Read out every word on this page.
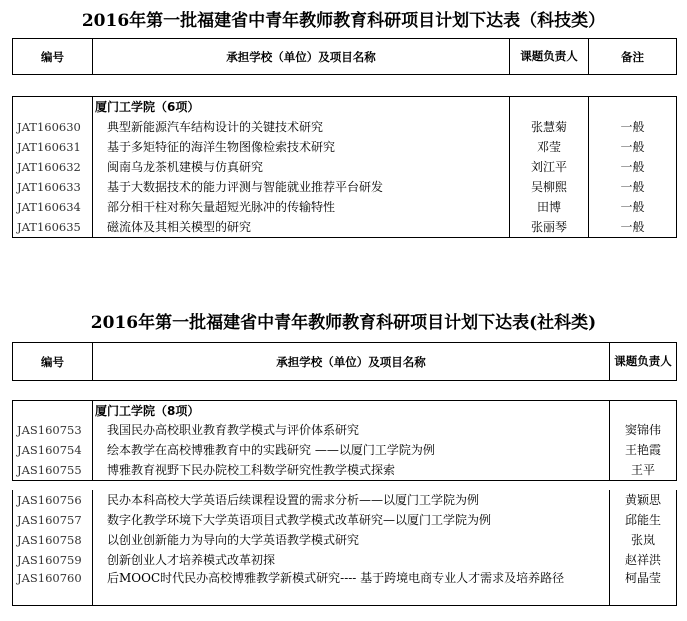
2016年第一批福建省中青年教师教育科研项目计划下达表（科技类）
编号	承担学校（单位）及项目名称	课题负责人	备注

	厦门工学院（6项）		
JAT160630	典型新能源汽车结构设计的关键技术研究	张慧菊	一般
JAT160631	基于多矩特征的海洋生物图像检索技术研究	邓莹	一般
JAT160632	闽南乌龙茶机建模与仿真研究	刘江平	一般
JAT160633	基于大数据技术的能力评测与智能就业推荐平台研发	吴柳熙	一般
JAT160634	部分相干柱对称矢量超短光脉冲的传输特性	田博	一般
JAT160635	磁流体及其相关模型的研究	张丽琴	一般
2016年第一批福建省中青年教师教育科研项目计划下达表(社科类)
编号	承担学校（单位）及项目名称	课题负责人

	厦门工学院（8项）	
JAS160753	我国民办高校职业教育教学模式与评价体系研究	窦锦伟
JAS160754	绘本教学在高校博雅教育中的实践研究 ——以厦门工学院为例	王艳霞
JAS160755	博雅教育视野下民办院校工科数学研究性教学模式探索	王平
JAS160756	民办本科高校大学英语后续课程设置的需求分析——以厦门工学院为例	黄颖思
JAS160757	数字化教学环境下大学英语项目式教学模式改革研究—以厦门工学院为例	邱能生
JAS160758	以创业创新能力为导向的大学英语教学模式研究	张岚
JAS160759	创新创业人才培养模式改革初探	赵祥洪
JAS160760	后MOOC时代民办高校博雅教学新模式研究---- 基于跨境电商专业人才需求及培养路径	柯晶莹
